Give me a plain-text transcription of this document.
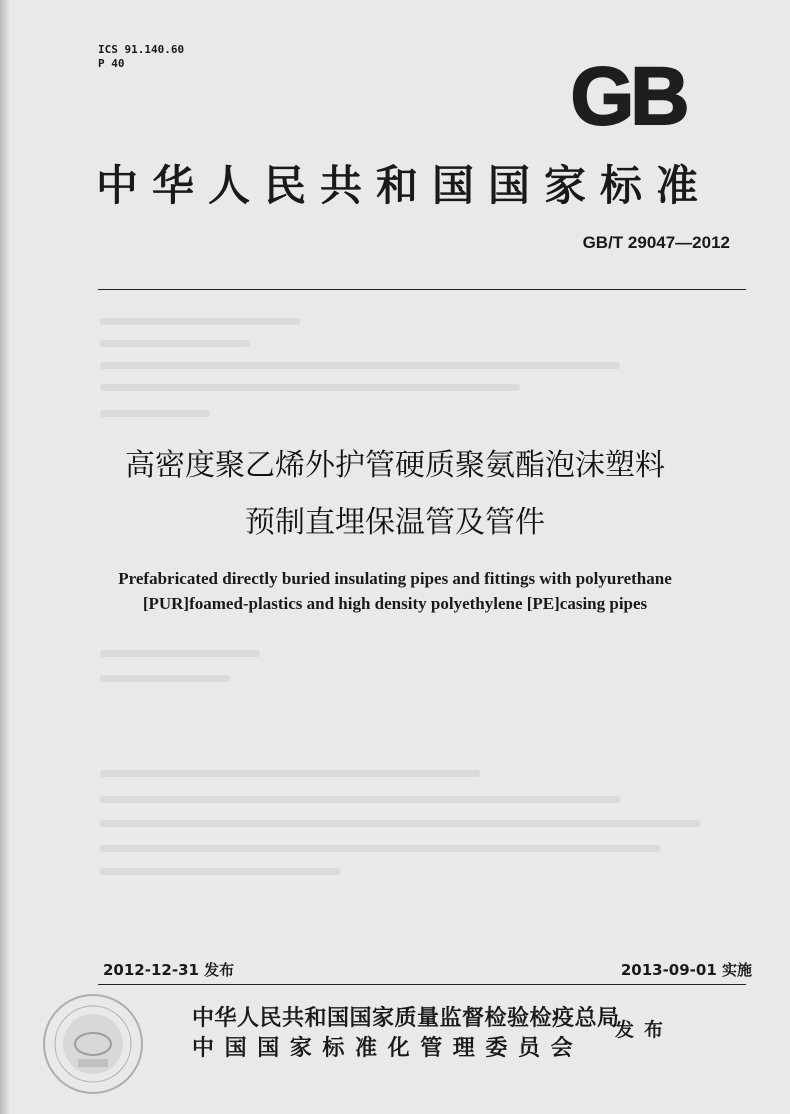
ICS 91.140.60
P 40	GB
中华人民共和国国家标准
GB/T 29047—2012
高密度聚乙烯外护管硬质聚氨酯泡沫塑料
预制直埋保温管及管件
Prefabricated directly buried insulating pipes and fittings with polyurethane
[PUR]foamed-plastics and high density polyethylene [PE]casing pipes
2012-12-31 发布	2013-09-01 实施
中华人民共和国国家质量监督检验检疫总局
中国国家标准化管理委员会
发布
